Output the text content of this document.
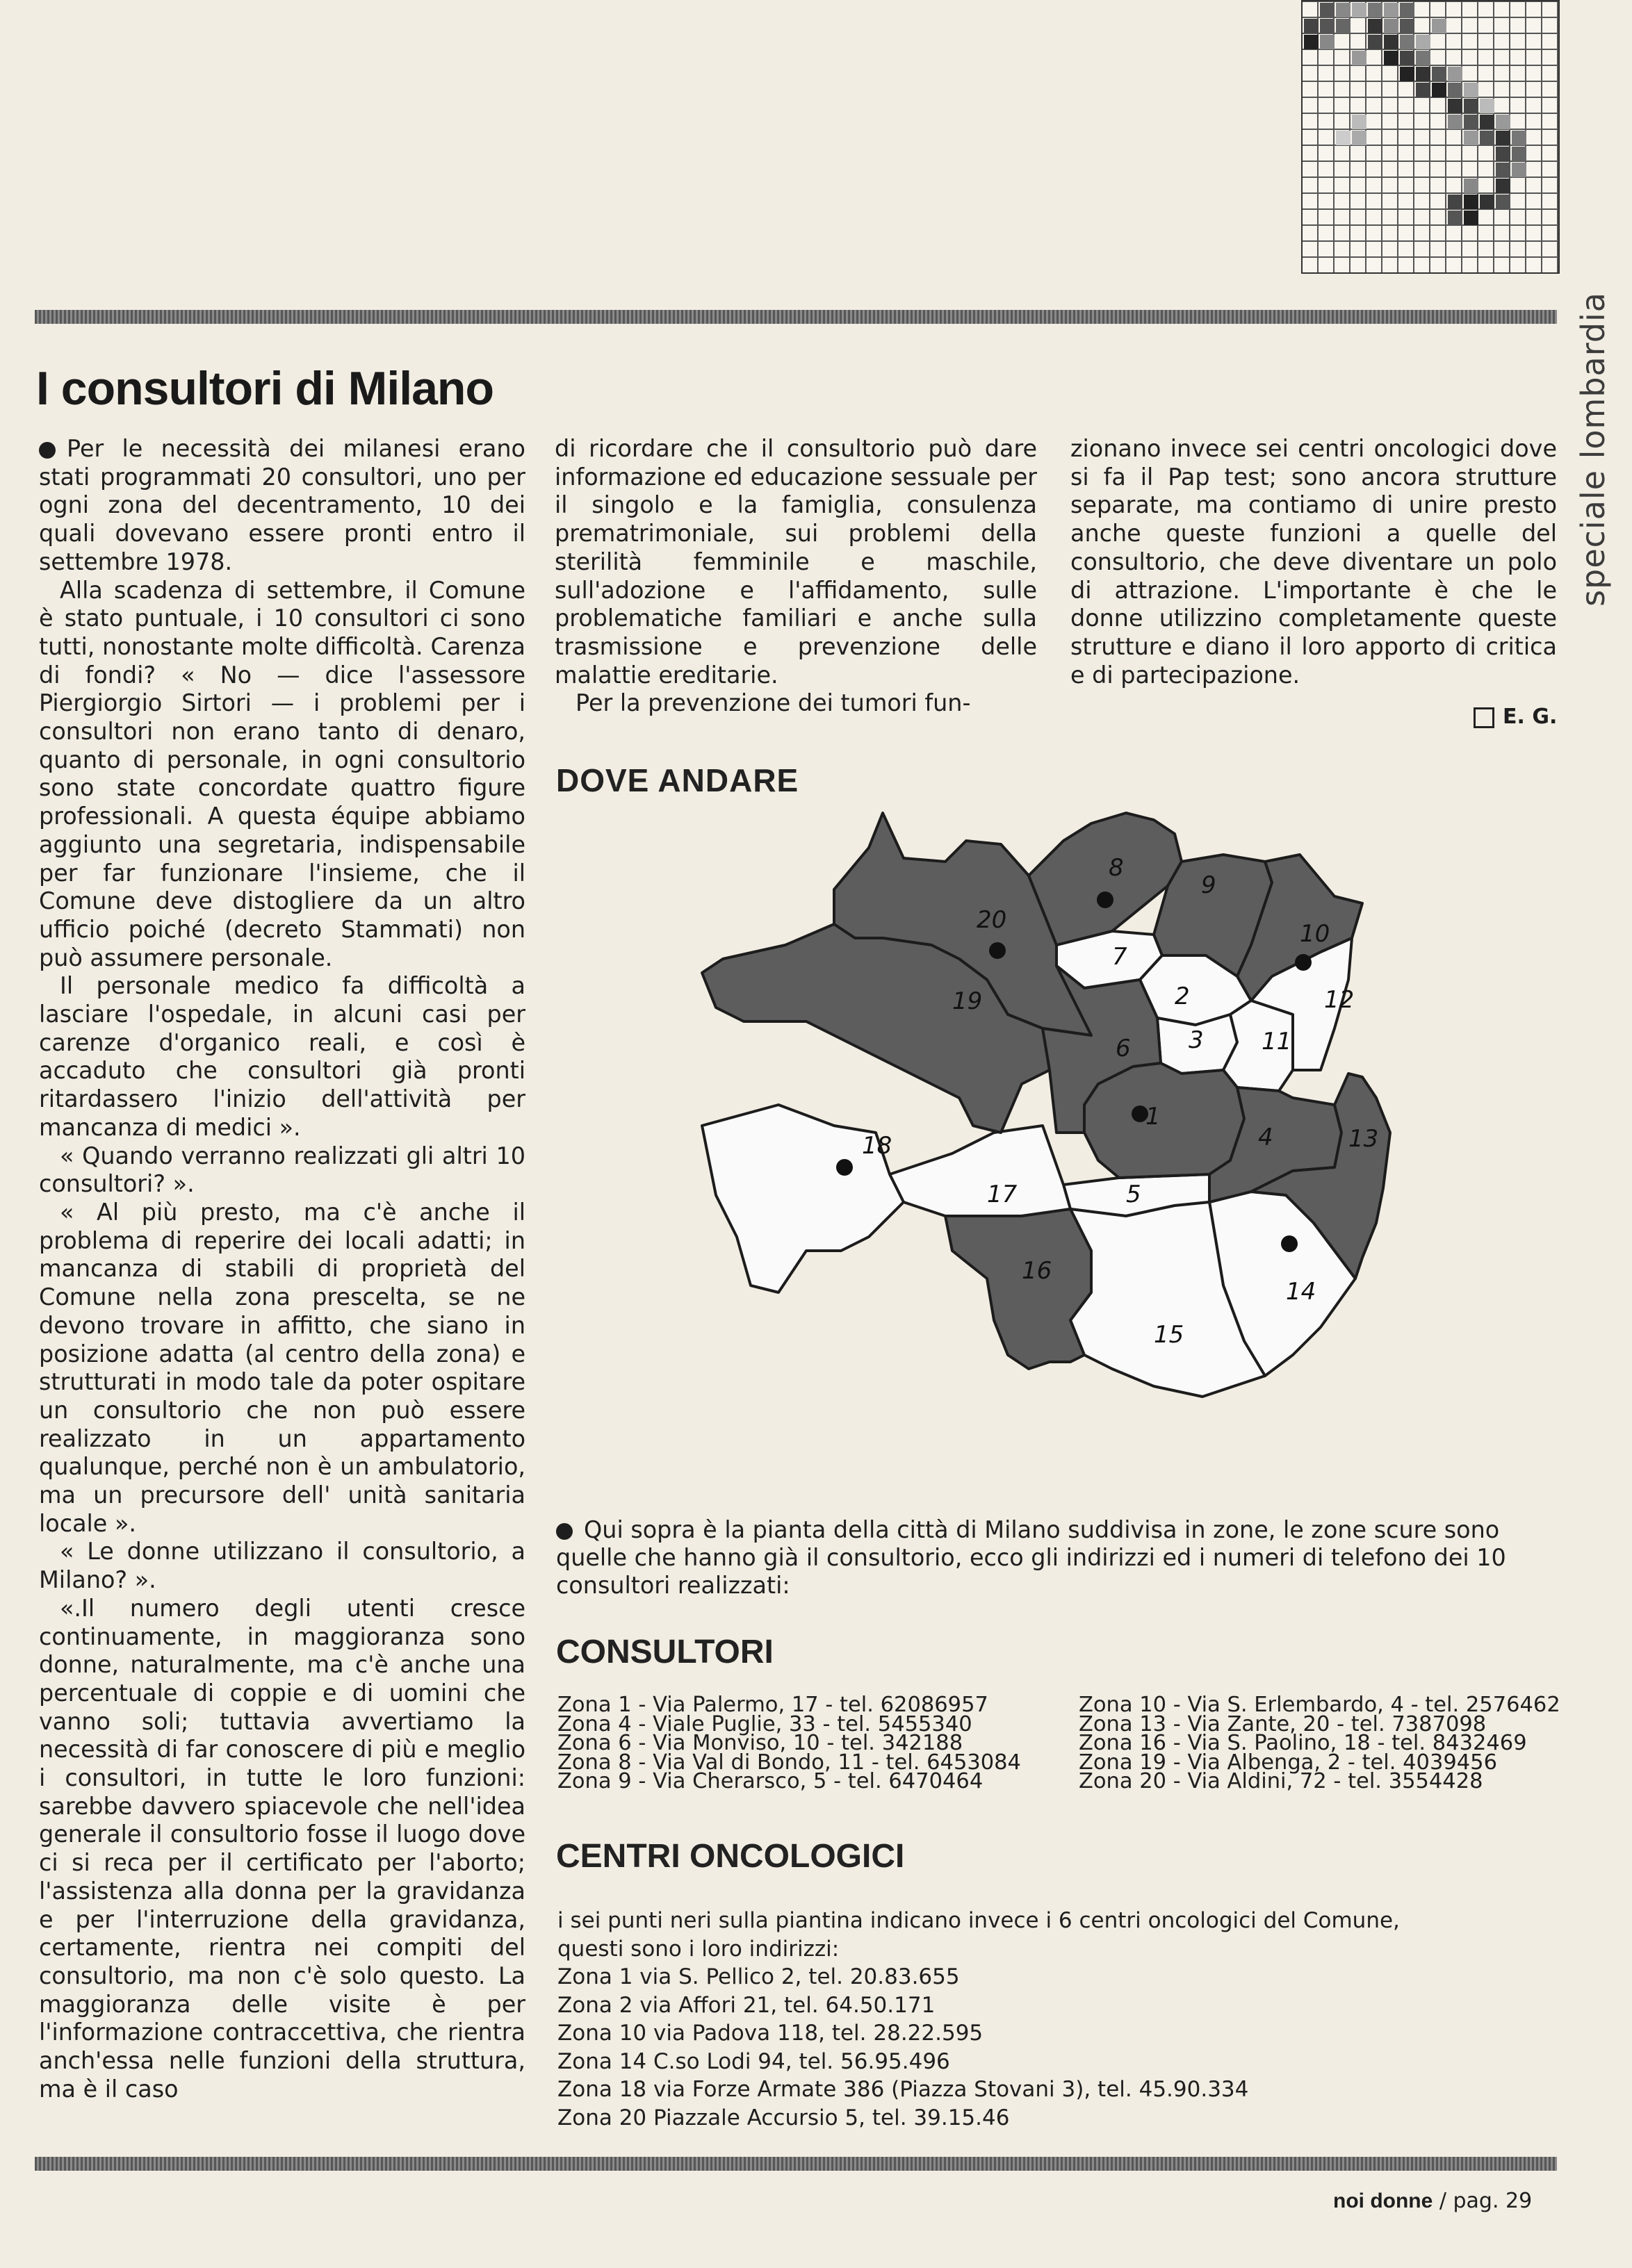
speciale lombardia
I consultori di Milano

Per le necessità dei milanesi erano stati programmati 20 consultori, uno per ogni zona del decentramento, 10 dei quali dovevano essere pronti entro il settembre 1978.

Alla scadenza di settembre, il Comune è stato puntuale, i 10 consultori ci sono tutti, nonostante molte difficoltà. Carenza di fondi? « No — dice l'assessore Piergiorgio Sirtori — i problemi per i consultori non erano tanto di denaro, quanto di personale, in ogni consultorio sono state concordate quattro figure professionali. A questa équipe abbiamo aggiunto una segretaria, indispensabile per far funzionare l'insieme, che il Comune deve distogliere da un altro ufficio poiché (decreto Stammati) non può assumere personale.

Il personale medico fa difficoltà a lasciare l'ospedale, in alcuni casi per carenze d'organico reali, e così è accaduto che consultori già pronti ritardassero l'inizio dell'attività per mancanza di medici ».

« Quando verranno realizzati gli altri 10 consultori? ».

« Al più presto, ma c'è anche il problema di reperire dei locali adatti; in mancanza di stabili di proprietà del Comune nella zona prescelta, se ne devono trovare in affitto, che siano in posizione adatta (al centro della zona) e strutturati in modo tale da poter ospitare un consultorio che non può essere realizzato in un appartamento qualunque, perché non è un ambulatorio, ma un precursore dell' unità sanitaria locale ».

« Le donne utilizzano il consultorio, a Milano? ».

«.Il numero degli utenti cresce continuamente, in maggioranza sono donne, naturalmente, ma c'è anche una percentuale di coppie e di uomini che vanno soli; tuttavia avvertiamo la necessità di far conoscere di più e meglio i consultori, in tutte le loro funzioni: sarebbe davvero spiacevole che nell'idea generale il consultorio fosse il luogo dove ci si reca per il certificato per l'aborto; l'assistenza alla donna per la gravidanza e per l'interruzione della gravidanza, certamente, rientra nei compiti del consultorio, ma non c'è solo questo. La maggioranza delle visite è per l'informazione contraccettiva, che rientra anch'essa nelle funzioni della struttura, ma è il caso

di ricordare che il consultorio può dare informazione ed educazione sessuale per il singolo e la famiglia, consulenza prematrimoniale, sui problemi della sterilità femminile e maschile, sull'adozione e l'affidamento, sulle problematiche familiari e anche sulla trasmissione e prevenzione delle malattie ereditarie.

Per la prevenzione dei tumori fun-

zionano invece sei centri oncologici dove si fa il Pap test; sono ancora strutture separate, ma contiamo di unire presto anche queste funzioni a quelle del consultorio, che deve diventare un polo di attrazione. L'importante è che le donne utilizzino completamente queste strutture e diano il loro apporto di critica e di partecipazione.

E. G.
DOVE ANDARE
1
2
3
4
5
6
7
8
9
10
11
12
13
14
15
16
17
18
19
20

Qui sopra è la pianta della città di Milano suddivisa in zone, le zone scure sono quelle che hanno già il consultorio, ecco gli indirizzi ed i numeri di telefono dei 10 consultori realizzati:

CONSULTORI
Zona 1 - Via Palermo, 17 - tel. 62086957
Zona 4 - Viale Puglie, 33 - tel. 5455340
Zona 6 - Via Monviso, 10 - tel. 342188
Zona 8 - Via Val di Bondo, 11 - tel. 6453084
Zona 9 - Via Cherarsco, 5 - tel. 6470464
Zona 10 - Via S. Erlembardo, 4 - tel. 2576462
Zona 13 - Via Zante, 20 - tel. 7387098
Zona 16 - Via S. Paolino, 18 - tel. 8432469
Zona 19 - Via Albenga, 2 - tel. 4039456
Zona 20 - Via Aldini, 72 - tel. 3554428
CENTRI ONCOLOGICI
i sei punti neri sulla piantina indicano invece i 6 centri oncologici del Comune,
questi sono i loro indirizzi:
Zona 1 via S. Pellico 2, tel. 20.83.655
Zona 2 via Affori 21, tel. 64.50.171
Zona 10 via Padova 118, tel. 28.22.595
Zona 14 C.so Lodi 94, tel. 56.95.496
Zona 18 via Forze Armate 386 (Piazza Stovani 3), tel. 45.90.334
Zona 20 Piazzale Accursio 5, tel. 39.15.46
noi donne / pag. 29
